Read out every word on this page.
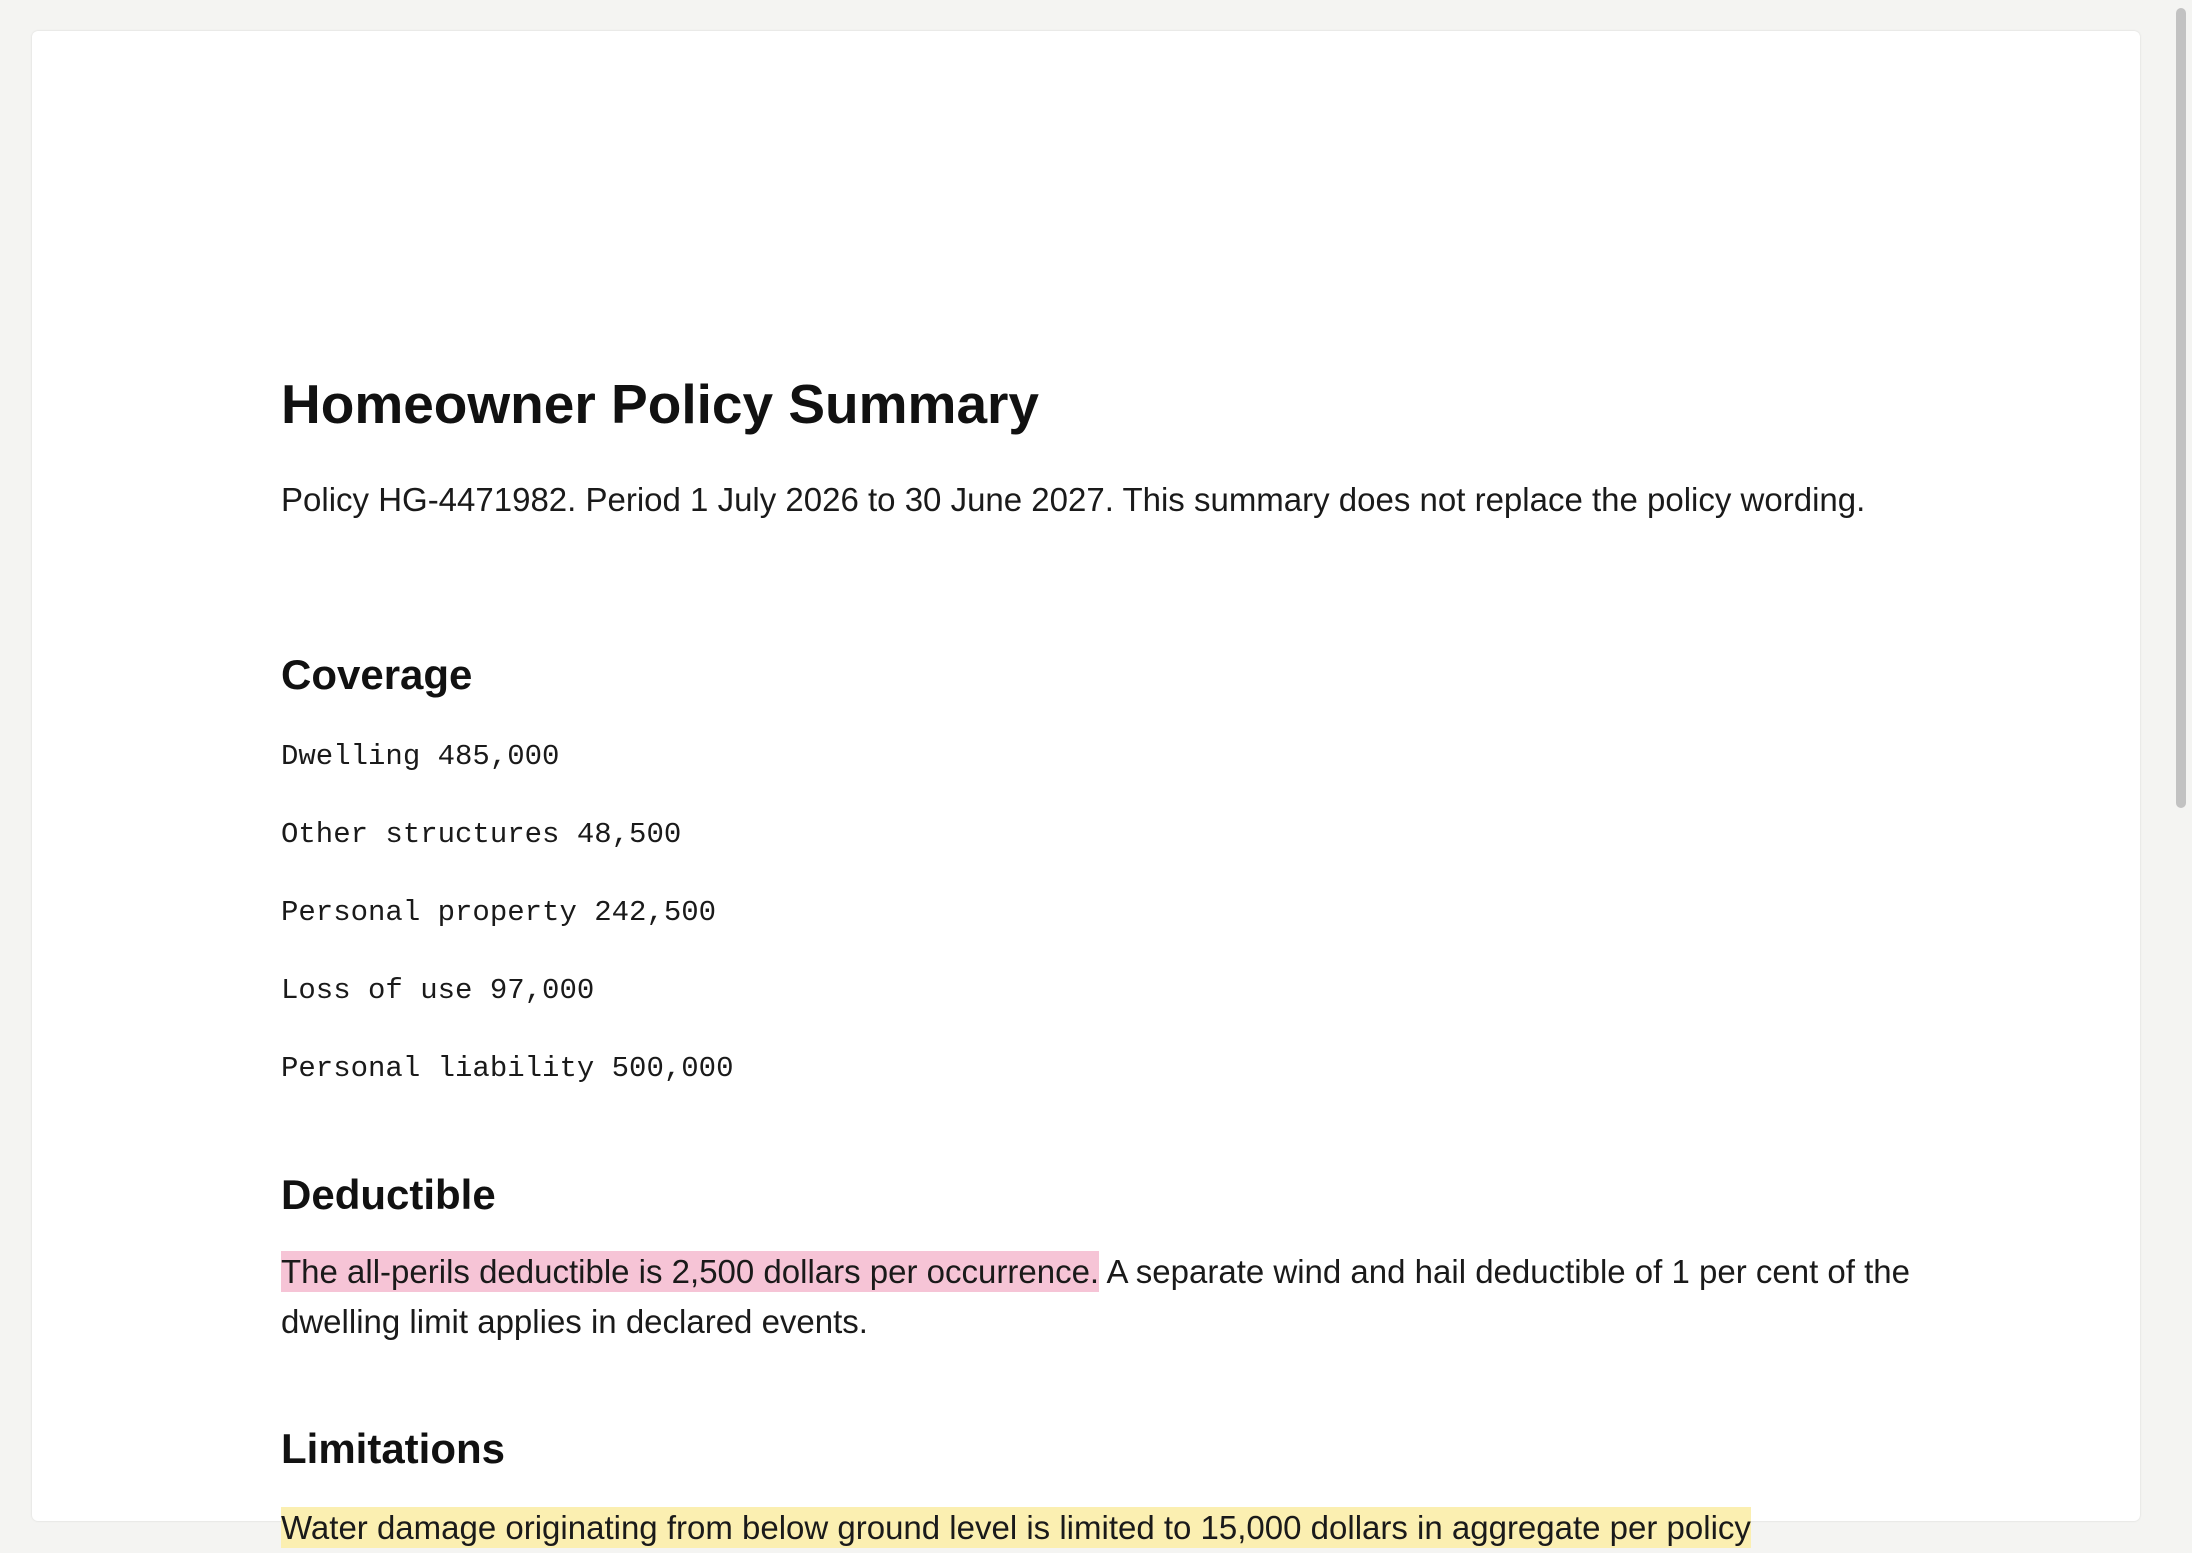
Homeowner Policy Summary

Policy HG-4471982. Period 1 July 2026 to 30 June 2027. This summary does not replace the policy wording.

Coverage
Dwelling 485,000
Other structures 48,500
Personal property 242,500
Loss of use 97,000
Personal liability 500,000
Deductible

The all-perils deductible is 2,500 dollars per occurrence. A separate wind and hail deductible of 1 per cent of the dwelling limit applies in declared events.

Limitations

Water damage originating from below ground level is limited to 15,000 dollars in aggregate per policy
